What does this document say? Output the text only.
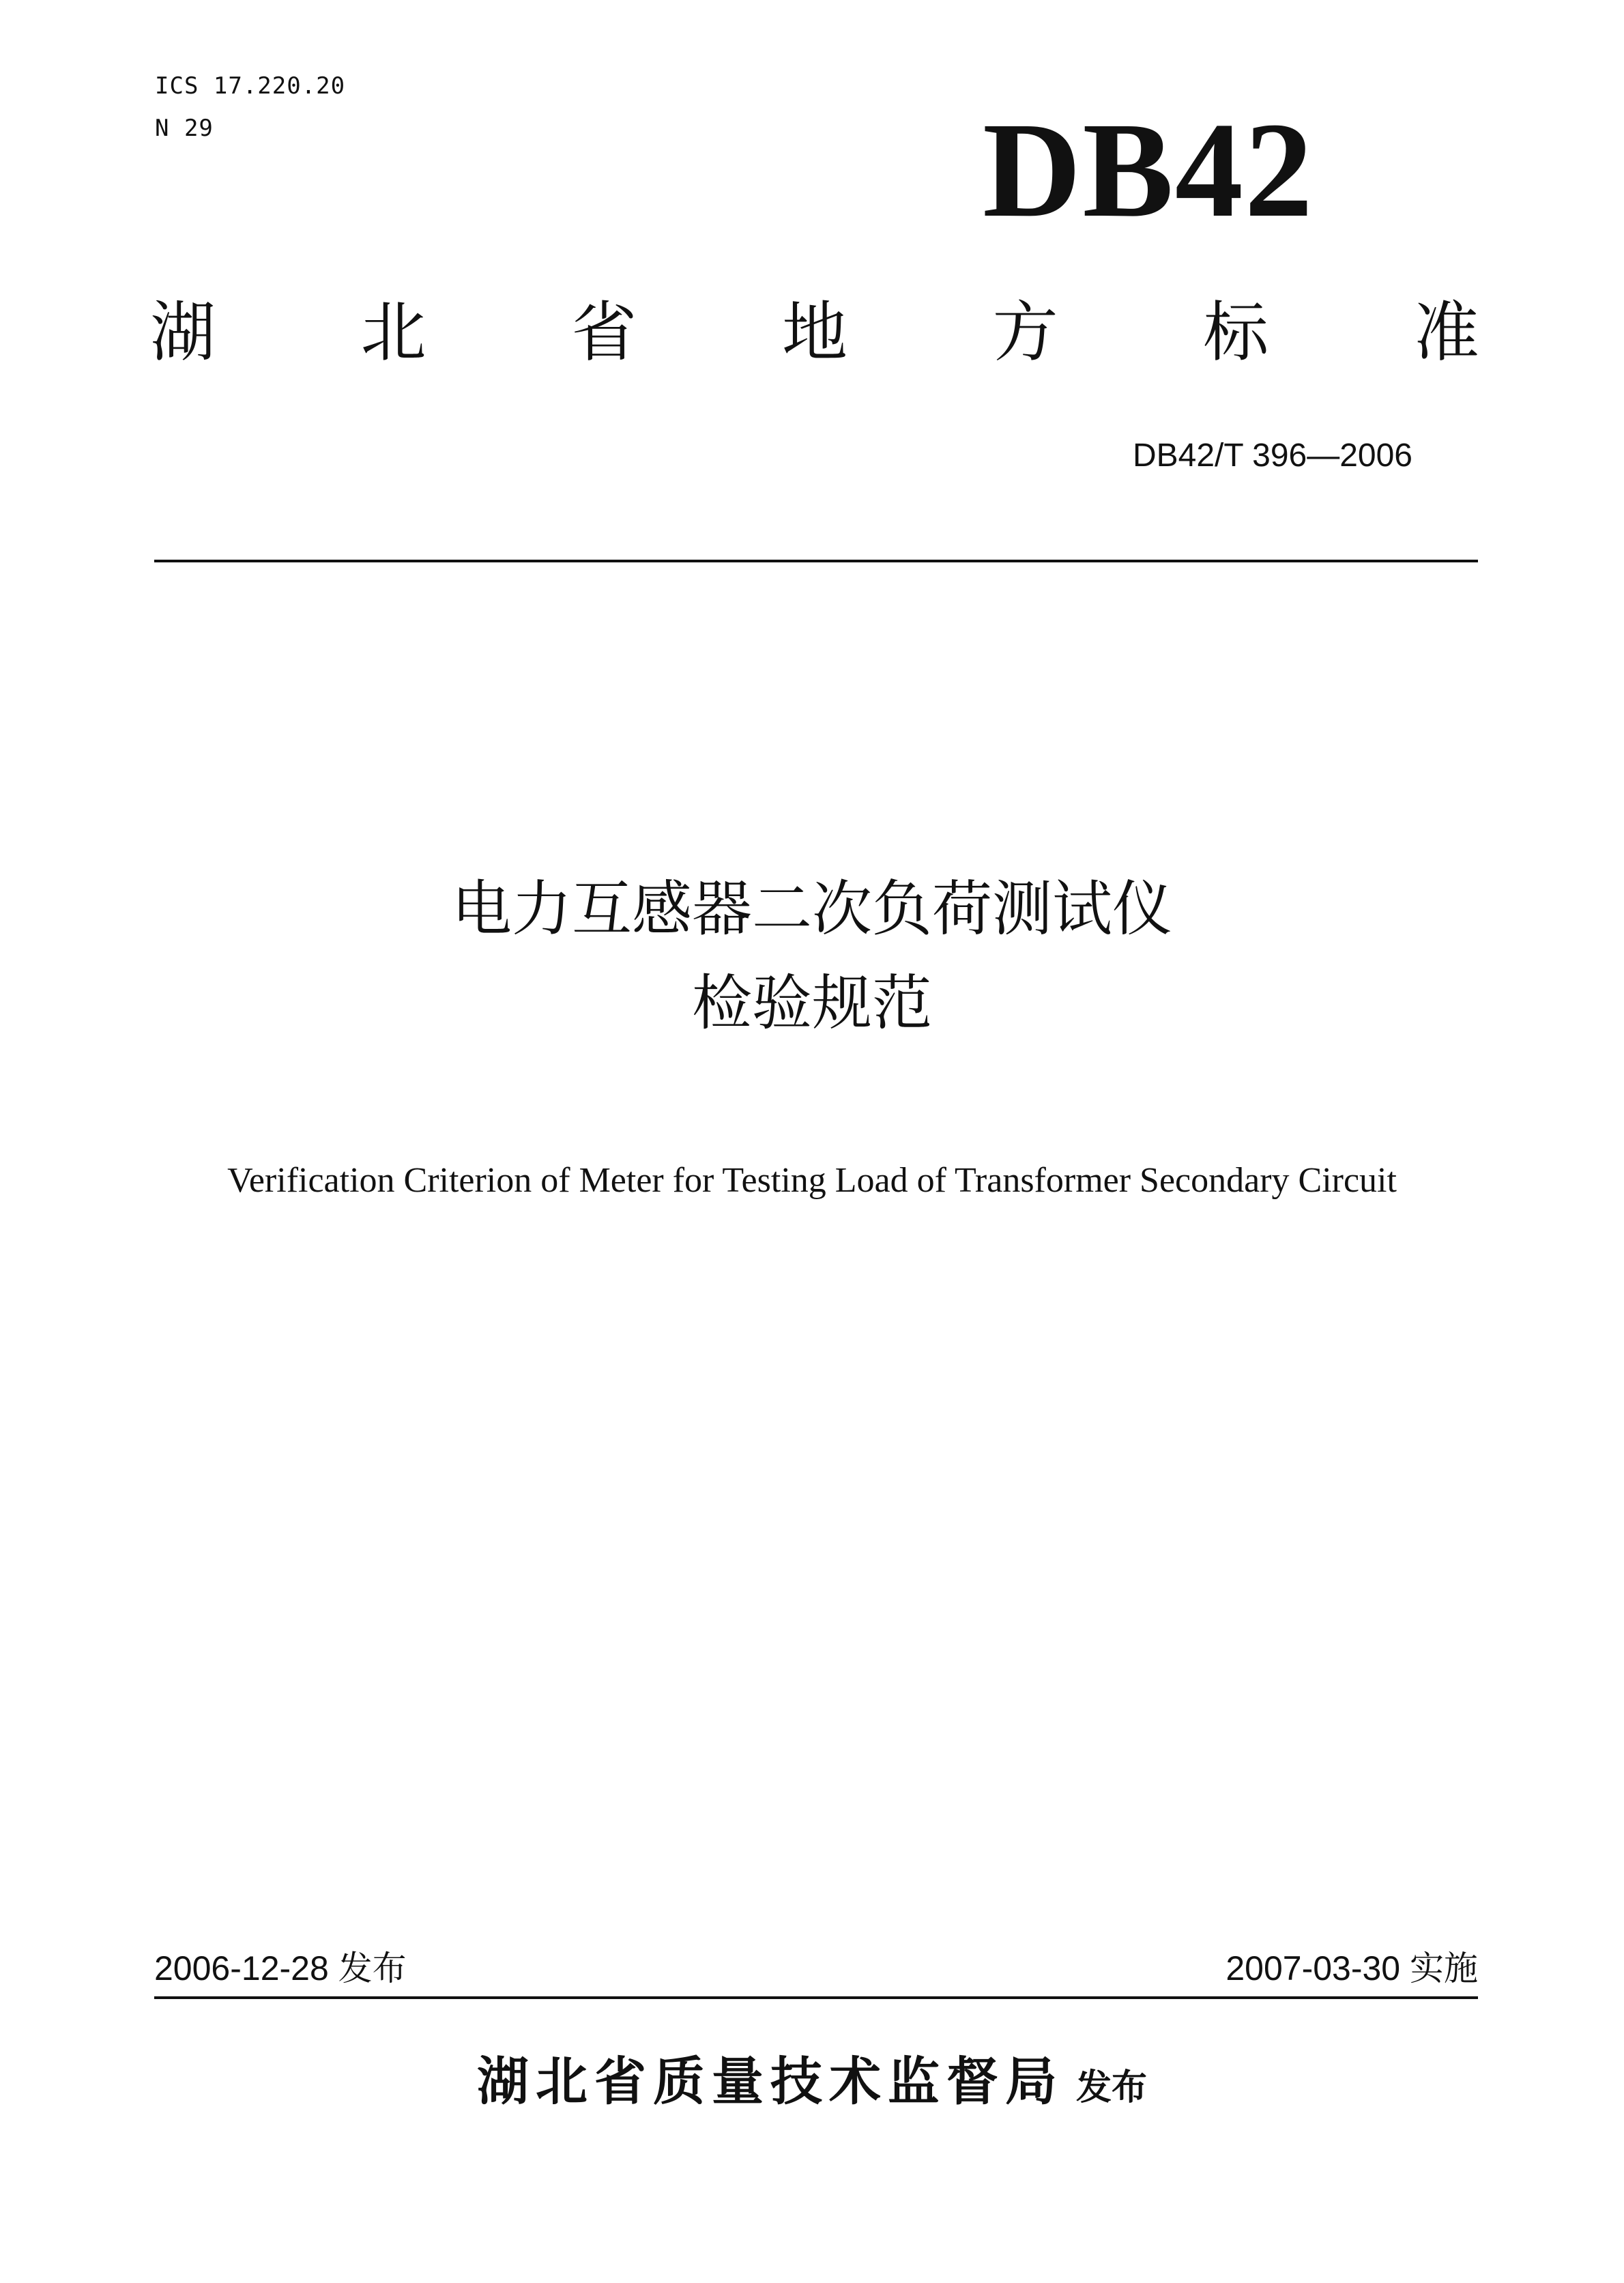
ICS 17.220.20
N 29	DB42
湖 北 省 地 方 标 准
DB42/T 396—2006
电力互感器二次负荷测试仪
检验规范
Verification Criterion of Meter for Testing Load of Transformer Secondary Circuit
2006-12-28 发布	2007-03-30 实施
湖北省质量技术监督局 发布
